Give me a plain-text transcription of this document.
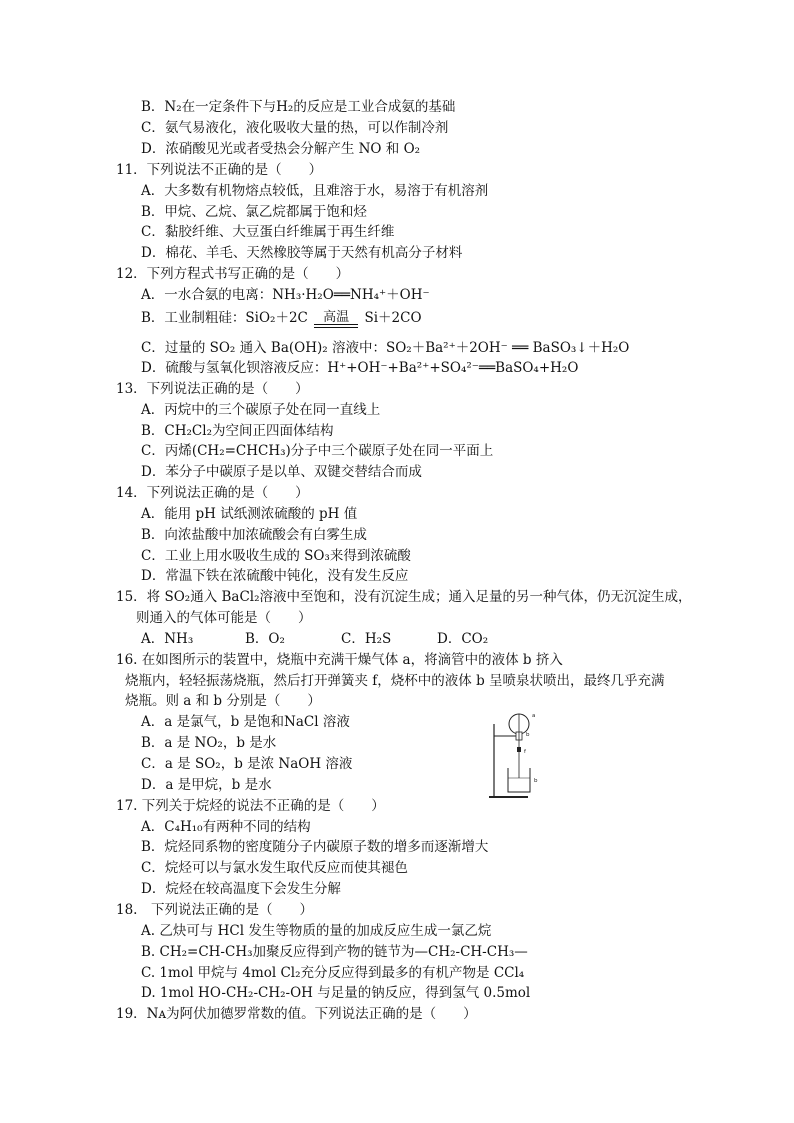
B．N₂在一定条件下与H₂的反应是工业合成氨的基础
C．氨气易液化，液化吸收大量的热，可以作制冷剂
D．浓硝酸见光或者受热会分解产生 NO 和 O₂
11．下列说法不正确的是（　　）
A．大多数有机物熔点较低，且难溶于水，易溶于有机溶剂
B．甲烷、乙烷、氯乙烷都属于饱和烃
C．黏胶纤维、大豆蛋白纤维属于再生纤维
D．棉花、羊毛、天然橡胶等属于天然有机高分子材料
12．下列方程式书写正确的是（　　）
A．一水合氨的电离：NH₃·H₂O══NH₄⁺＋OH⁻
B．工业制粗硅：SiO₂＋2C	高温	Si＋2CO
C．过量的 SO₂ 通入 Ba(OH)₂ 溶液中：SO₂＋Ba²⁺＋2OH⁻ ══ BaSO₃↓＋H₂O
D．硫酸与氢氧化钡溶液反应：H⁺+OH⁻+Ba²⁺+SO₄²⁻══BaSO₄+H₂O
13．下列说法正确的是（　　）
A．丙烷中的三个碳原子处在同一直线上
B．CH₂Cl₂为空间正四面体结构
C．丙烯(CH₂=CHCH₃)分子中三个碳原子处在同一平面上
D．苯分子中碳原子是以单、双键交替结合而成
14．下列说法正确的是（　　）
A．能用 pH 试纸测浓硫酸的 pH 值
B．向浓盐酸中加浓硫酸会有白雾生成
C．工业上用水吸收生成的 SO₃来得到浓硫酸
D．常温下铁在浓硫酸中钝化，没有发生反应
15．将 SO₂通入 BaCl₂溶液中至饱和，没有沉淀生成；通入足量的另一种气体，仍无沉淀生成，
则通入的气体可能是（　　）
A．NH₃	B．O₂	C．H₂S	D．CO₂
16. 在如图所示的装置中，烧瓶中充满干燥气体 a，将滴管中的液体 b 挤入
烧瓶内，轻轻振荡烧瓶，然后打开弹簧夹 f，烧杯中的液体 b 呈喷泉状喷出，最终几乎充满
烧瓶。则 a 和 b 分别是（　　）
A．a 是氯气，b 是饱和NaCl 溶液
B．a 是 NO₂，b 是水
C．a 是 SO₂，b 是浓 NaOH 溶液
D．a 是甲烷，b 是水
a
b
f
b
17. 下列关于烷烃的说法不正确的是（　　）
A．C₄H₁₀有两种不同的结构
B．烷烃同系物的密度随分子内碳原子数的增多而逐渐增大
C．烷烃可以与氯水发生取代反应而使其褪色
D．烷烃在较高温度下会发生分解
18.　下列说法正确的是（　　）
A. 乙炔可与 HCl 发生等物质的量的加成反应生成一氯乙烷
B. CH₂=CH-CH₃加聚反应得到产物的链节为—CH₂-CH-CH₃—
C. 1mol 甲烷与 4mol Cl₂充分反应得到最多的有机产物是 CCl₄
D. 1mol HO-CH₂-CH₂-OH 与足量的钠反应，得到氢气 0.5mol
19．Nᴀ为阿伏加德罗常数的值。下列说法正确的是（　　）
